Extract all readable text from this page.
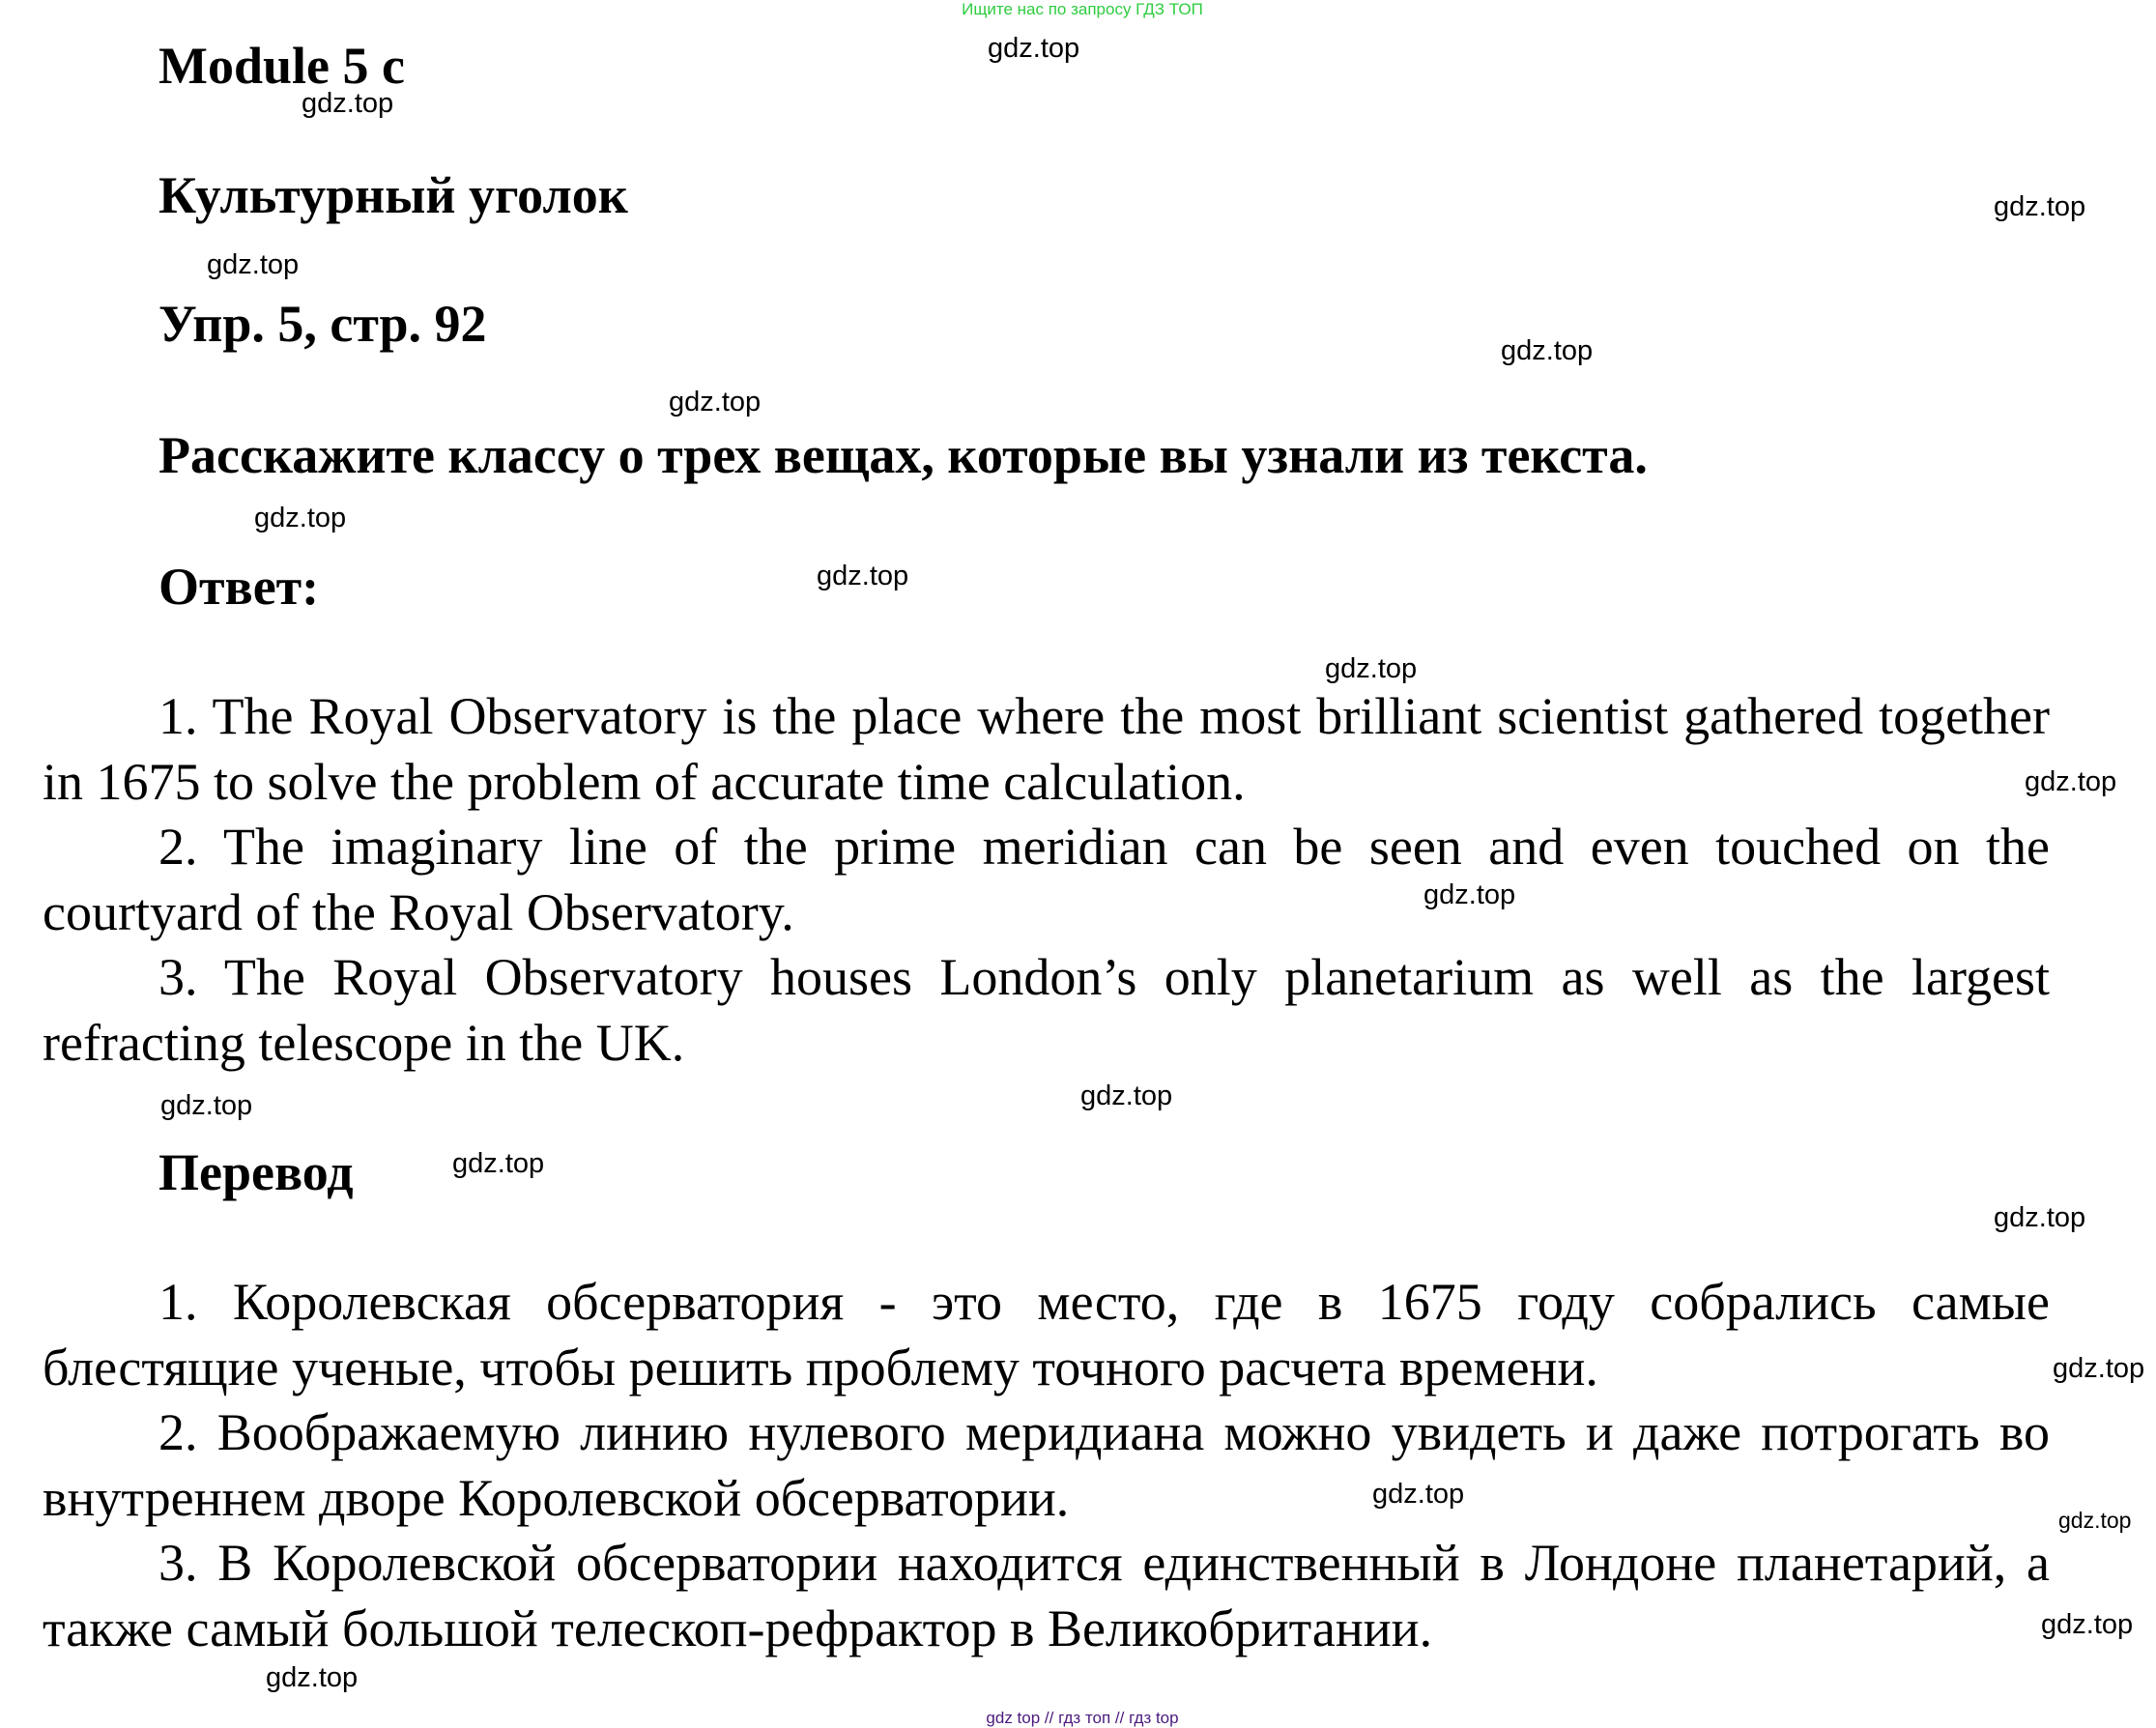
Ищите нас по запросу ГДЗ ТОП
Module 5 c
Культурный уголок
Упр. 5, стр. 92
Расскажите классу о трех вещах, которые вы узнали из текста.
Ответ:

1. The Royal Observatory is the place where the most brilliant scientist gathered together in 1675 to solve the problem of accurate time calculation.

2. The imaginary line of the prime meridian can be seen and even touched on the courtyard of the Royal Observatory.

3. The Royal Observatory houses London’s only planetarium as well as the largest refracting telescope in the UK.

Перевод

1. Королевская обсерватория - это место, где в 1675 году собрались самые блестящие ученые, чтобы решить проблему точного расчета времени.

2. Воображаемую линию нулевого меридиана можно увидеть и даже потрогать во внутреннем дворе Королевской обсерватории.

3. В Королевской обсерватории находится единственный в Лондоне планетарий, а также самый большой телескоп-рефрактор в Великобритании.

gdz.top
gdz.top
gdz.top
gdz.top
gdz.top
gdz.top
gdz.top
gdz.top
gdz.top
gdz.top
gdz.top
gdz.top
gdz.top
gdz.top
gdz.top
gdz.top
gdz.top
gdz.top
gdz.top
gdz.top
gdz top // гдз топ // гдз top
